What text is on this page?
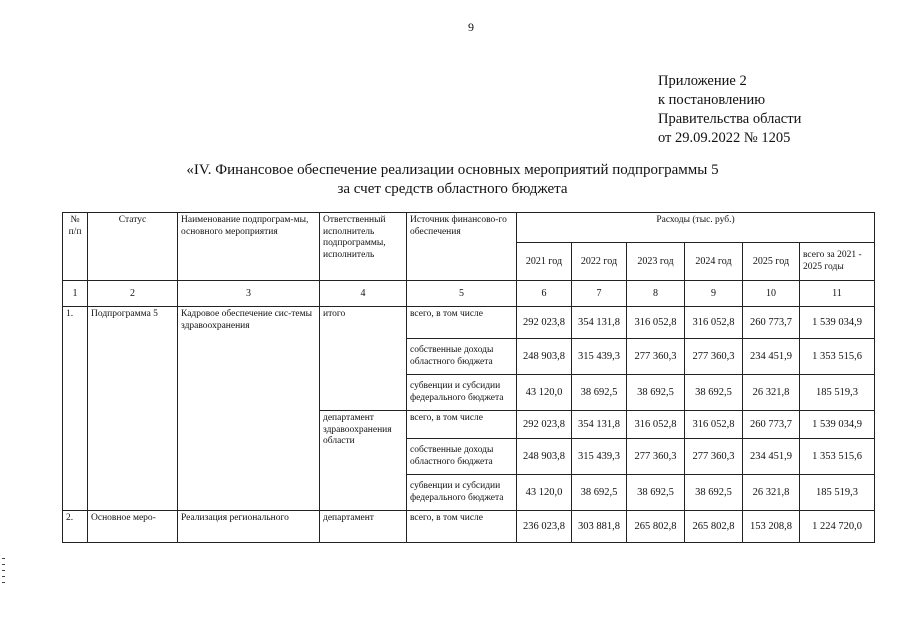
9
Приложение 2
к постановлению
Правительства области
от 29.09.2022 № 1205
«IV. Финансовое обеспечение реализации основных мероприятий подпрограммы 5
за счет средств областного бюджета
№ п/п	Статус	Наименование подпрограм-мы, основного мероприятия	Ответственный исполнитель подпрограммы, исполнитель	Источник финансово-го обеспечения	Расходы (тыс. руб.)					
					2021 год	2022 год	2023 год	2024 год	2025 год	всего за 2021 - 2025 годы
1	2	3	4	5	6	7	8	9	10	11
1.	Подпрограмма 5	Кадровое обеспечение сис-темы здравоохранения	итого	всего, в том числе	292 023,8	354 131,8	316 052,8	316 052,8	260 773,7	1 539 034,9
				собственные доходы областного бюджета	248 903,8	315 439,3	277 360,3	277 360,3	234 451,9	1 353 515,6
				субвенции и субсидии федерального бюджета	43 120,0	38 692,5	38 692,5	38 692,5	26 321,8	185 519,3
			департамент здравоохранения области	всего, в том числе	292 023,8	354 131,8	316 052,8	316 052,8	260 773,7	1 539 034,9
				собственные доходы областного бюджета	248 903,8	315 439,3	277 360,3	277 360,3	234 451,9	1 353 515,6
				субвенции и субсидии федерального бюджета	43 120,0	38 692,5	38 692,5	38 692,5	26 321,8	185 519,3
2.	Основное меро-	Реализация регионального	департамент	всего, в том числе	236 023,8	303 881,8	265 802,8	265 802,8	153 208,8	1 224 720,0
